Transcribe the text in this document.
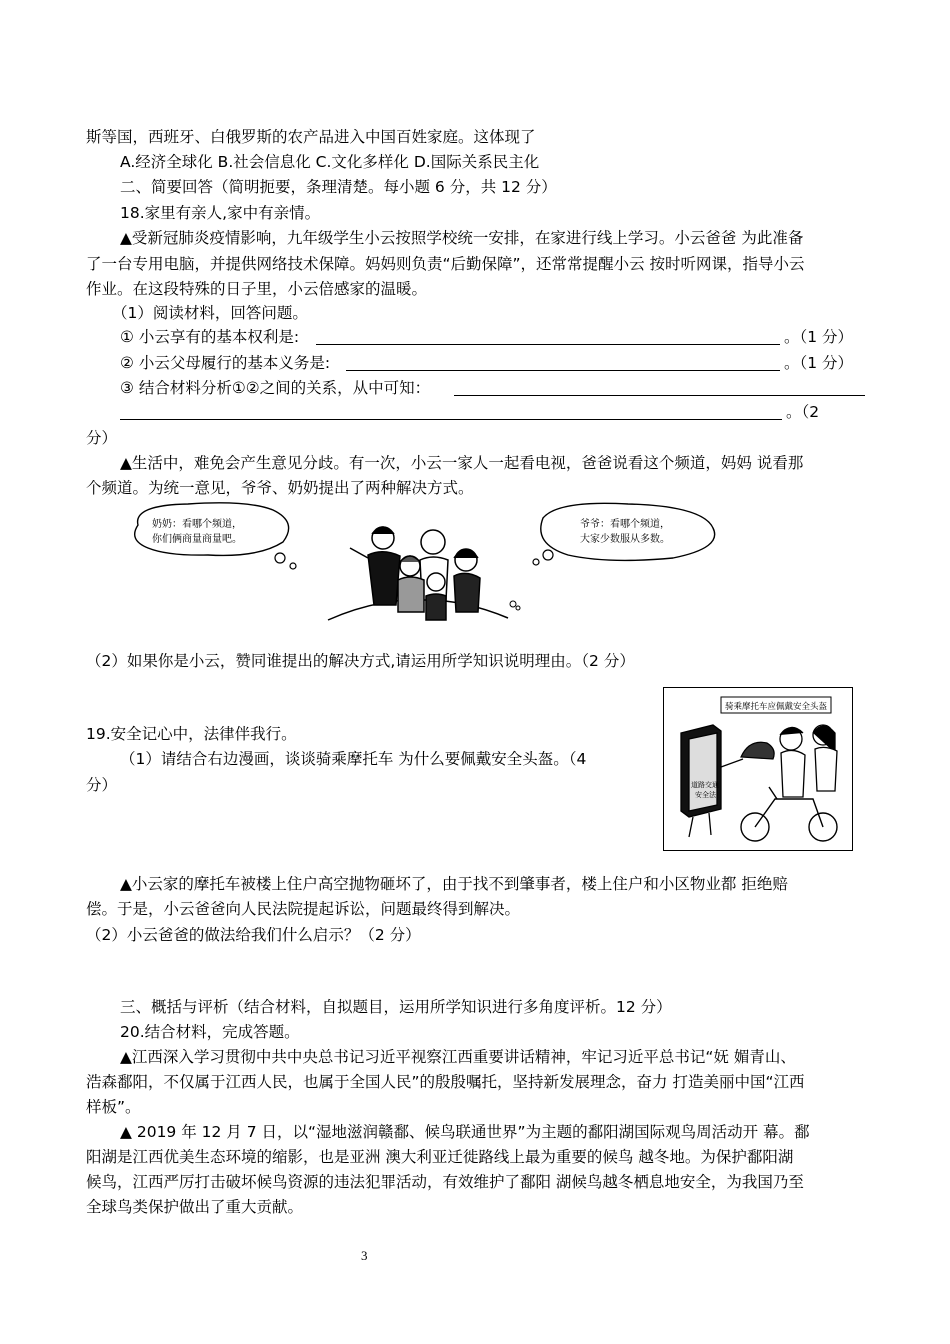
斯等国，西班牙、白俄罗斯的农产品进入中国百姓家庭。这体现了
A.经济全球化 B.社会信息化 C.文化多样化 D.国际关系民主化
二、简要回答（简明扼要，条理清楚。每小题 6 分，共 12 分）
18.家里有亲人,家中有亲情。
▲受新冠肺炎疫情影响，九年级学生小云按照学校统一安排，在家进行线上学习。小云爸爸 为此准备
了一台专用电脑，并提供网络技术保障。妈妈则负责“后勤保障”，还常常提醒小云 按时听网课，指导小云
作业。在这段特殊的日子里，小云倍感家的温暖。
（1）阅读材料，回答问题。
① 小云享有的基本权利是:	。（1 分）
② 小云父母履行的基本义务是:	。（1 分）
③ 结合材料分析①②之间的关系，从中可知：
。（2
分）
▲生活中，难免会产生意见分歧。有一次，小云一家人一起看电视，爸爸说看这个频道，妈妈 说看那
个频道。为统一意见，爷爷、奶奶提出了两种解决方式。
奶奶：看哪个频道，
你们俩商量商量吧。
爷爷：看哪个频道，
大家少数服从多数。
（2）如果你是小云，赞同谁提出的解决方式,请运用所学知识说明理由。（2 分）
19.安全记心中，法律伴我行。
（1）请结合右边漫画，谈谈骑乘摩托车 为什么要佩戴安全头盔。（4
分）
骑乘摩托车应佩戴安全头盔
道路交通
安全法
▲小云家的摩托车被楼上住户高空抛物砸坏了，由于找不到肇事者，楼上住户和小区物业都 拒绝赔
偿。于是，小云爸爸向人民法院提起诉讼，问题最终得到解决。
（2）小云爸爸的做法给我们什么启示？（2 分）
三、概括与评析（结合材料，自拟题目，运用所学知识进行多角度评析。12 分）
20.结合材料，完成答题。
▲江西深入学习贯彻中共中央总书记习近平视察江西重要讲话精神，牢记习近平总书记“妩 媚青山、
浩森鄱阳，不仅属于江西人民，也属于全国人民”的殷殷嘱托，坚持新发展理念，奋力 打造美丽中国“江西
样板”。
▲ 2019 年 12 月 7 日，以“湿地滋润赣鄱、候鸟联通世界”为主题的鄱阳湖国际观鸟周活动开 幕。鄱
阳湖是江西优美生态环境的缩影，也是亚洲 澳大利亚迁徙路线上最为重要的候鸟 越冬地。为保护鄱阳湖
候鸟，江西严厉打击破坏候鸟资源的违法犯罪活动，有效维护了鄱阳 湖候鸟越冬栖息地安全，为我国乃至
全球鸟类保护做出了重大贡献。
3
